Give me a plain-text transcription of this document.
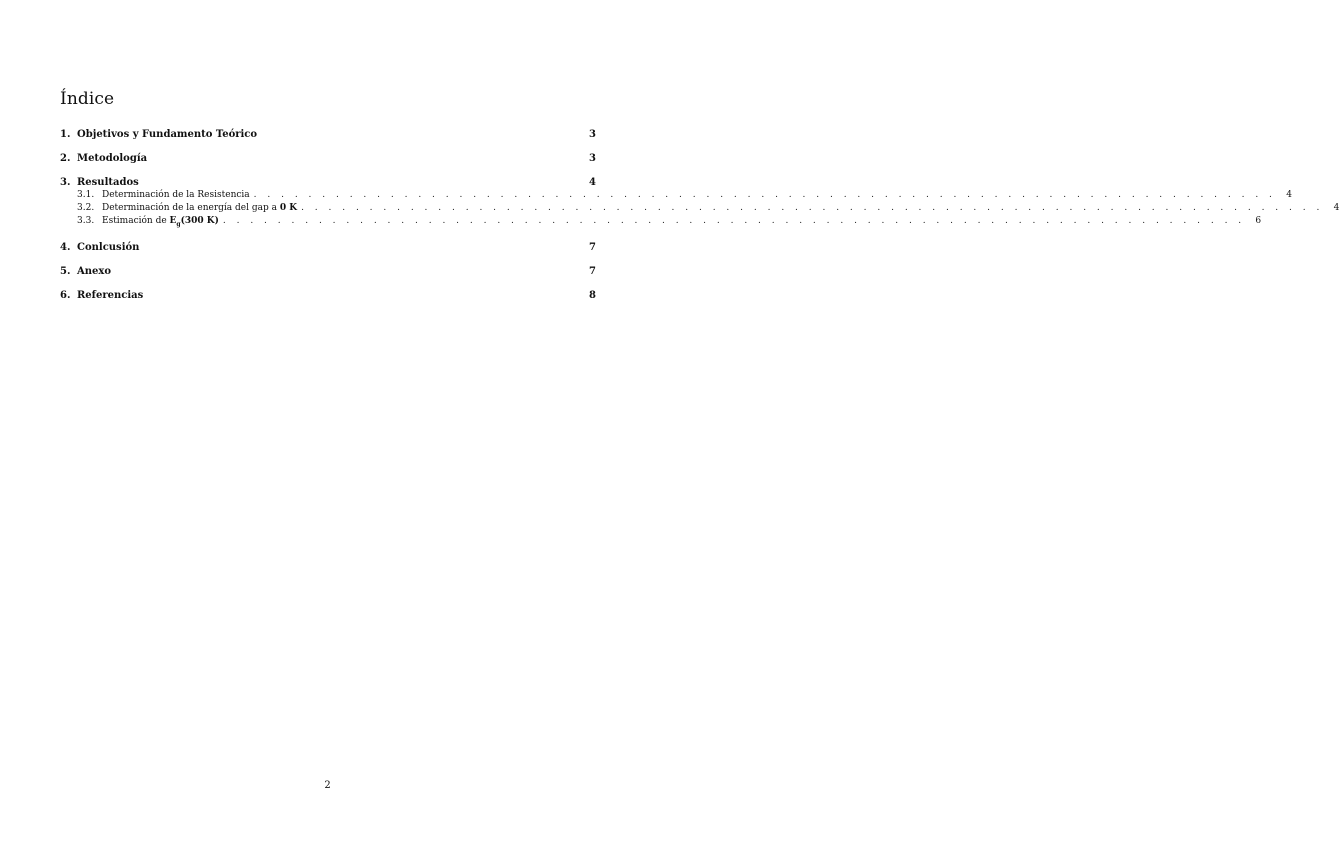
Índice
1. Objetivos y Fundamento Teórico	3
2. Metodología	3
3. Resultados	4
3.1. Determinación de la Resistencia . . . . . . . . . . . . . . . . . . . . . . . . . . . . . . . . . . . . . . . . . . . . . . . . . . . . . . . . . . . . . . . . . . . . . . . . . . .	4
3.2. Determinación de la energía del gap a 0 K . . . . . . . . . . . . . . . . . . . . . . . . . . . . . . . . . . . . . . . . . . . . . . . . . . . . . . . . . . . . . . . . . . . . . . . . . . .	4
3.3. Estimación de $E_g(300$ K) . . . . . . . . . . . . . . . . . . . . . . . . . . . . . . . . . . . . . . . . . . . . . . . . . . . . . . . . . . . . . . . . . . . . . . . . . . .	6
4. Conlcusión	7
5. Anexo	7
6. Referencias	8
2
